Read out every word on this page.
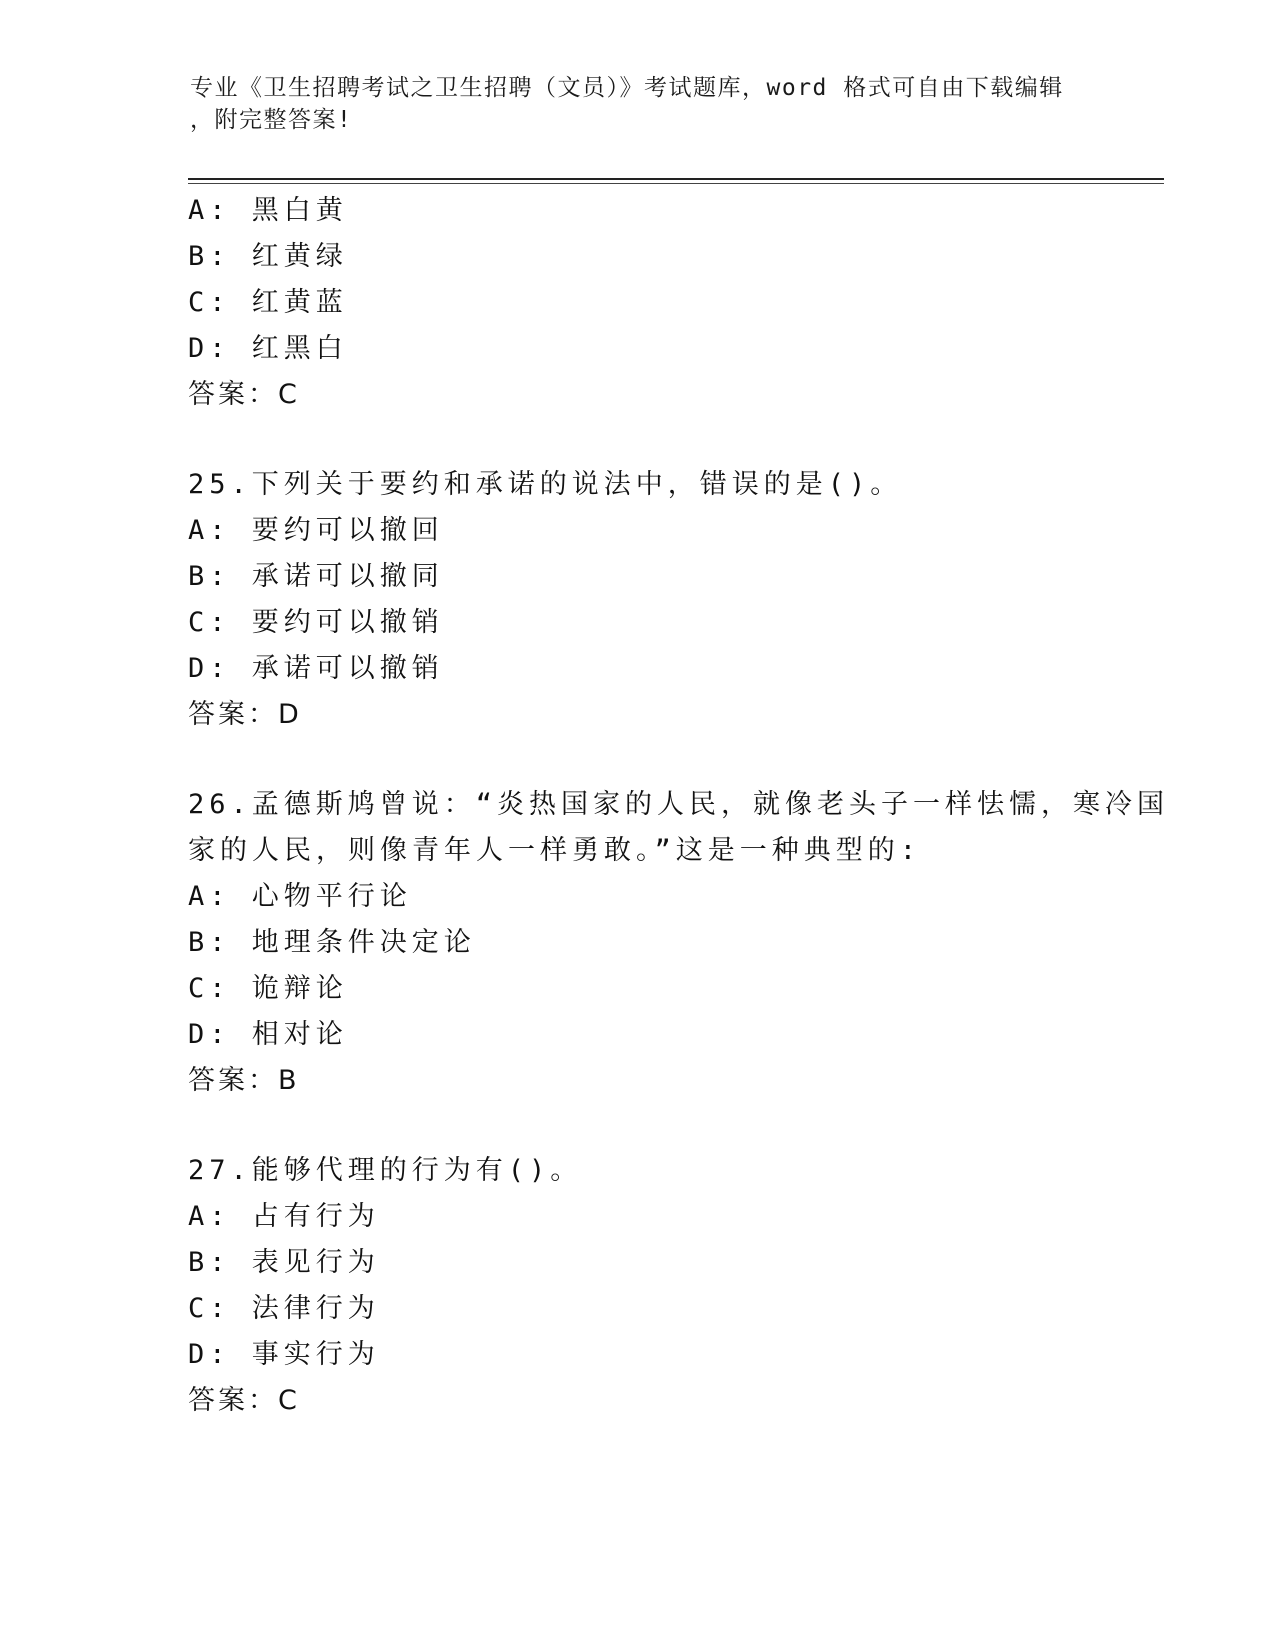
专业《卫生招聘考试之卫生招聘（文员）》考试题库，word 格式可自由下载编辑
，附完整答案!
A: 黑白黄
B: 红黄绿
C: 红黄蓝
D: 红黑白
答案：C
25.下列关于要约和承诺的说法中，错误的是()。
A: 要约可以撤回
B: 承诺可以撤同
C: 要约可以撤销
D: 承诺可以撤销
答案：D
26.孟德斯鸠曾说：“炎热国家的人民，就像老头子一样怯懦，寒冷国
家的人民，则像青年人一样勇敢。”这是一种典型的:
A: 心物平行论
B: 地理条件决定论
C: 诡辩论
D: 相对论
答案：B
27.能够代理的行为有()。
A: 占有行为
B: 表见行为
C: 法律行为
D: 事实行为
答案：C
